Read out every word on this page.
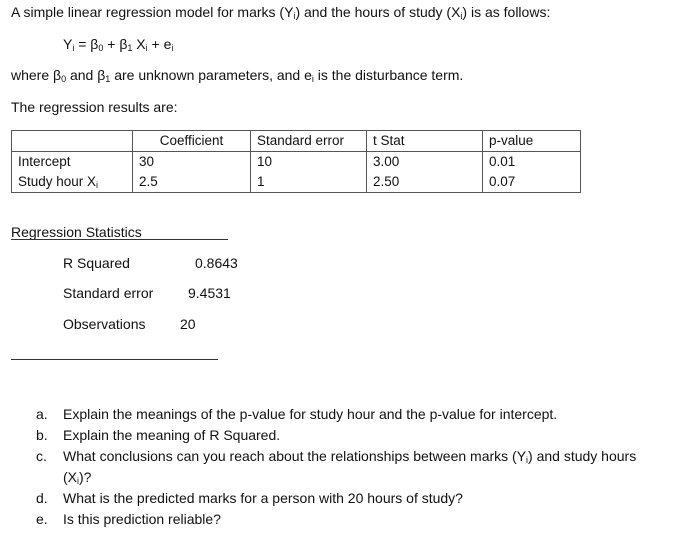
A simple linear regression model for marks $(Y_i)$ and the hours of study $(X_i)$ is as follows:
$Y_i = \beta_0 + \beta_1$ $X_i + e_i$
where $\beta_0$ and $\beta_1$ are unknown parameters, and $e_i$ is the disturbance term.
The regression results are:
	Coefficient	Standard error	t Stat	p-value
Intercept	30	10	3.00	0.01
Study hour $X_i$	2.5	1	2.50	0.07
Regression Statistics
R Squared	0.8643
Standard error 9.4531
Observations 20
a. Explain the meanings of the p-value for study hour and the p-value for intercept.
b. Explain the meaning of R Squared.
c. What conclusions can you reach about the relationships between marks $(Y_i)$ and study hours $(X_i)$?
d. What is the predicted marks for a person with 20 hours of study?
e. Is this prediction reliable?
